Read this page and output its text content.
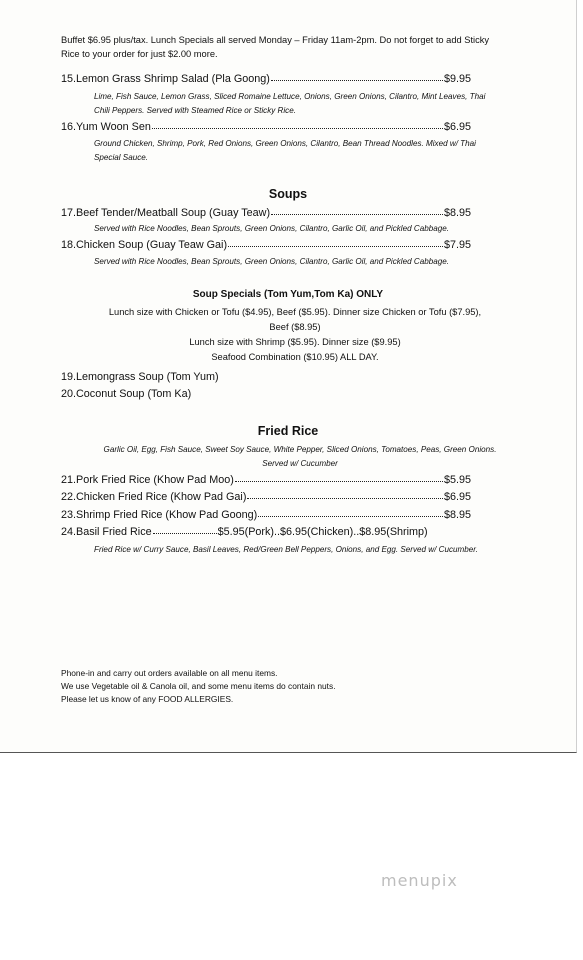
Buffet $6.95 plus/tax. Lunch Specials all served Monday – Friday 11am-2pm. Do not forget to add Sticky Rice to your order for just $2.00 more.
15.Lemon Grass Shrimp Salad (Pla Goong)	$9.95
Lime, Fish Sauce, Lemon Grass, Sliced Romaine Lettuce, Onions, Green Onions, Cilantro, Mint Leaves, Thai Chili Peppers. Served with Steamed Rice or Sticky Rice.
16.Yum Woon Sen	$6.95
Ground Chicken, Shrimp, Pork, Red Onions, Green Onions, Cilantro, Bean Thread Noodles. Mixed w/ Thai Special Sauce.
Soups
17.Beef Tender/Meatball Soup (Guay Teaw)	$8.95
Served with Rice Noodles, Bean Sprouts, Green Onions, Cilantro, Garlic Oil, and Pickled Cabbage.
18.Chicken Soup (Guay Teaw Gai)	$7.95
Served with Rice Noodles, Bean Sprouts, Green Onions, Cilantro, Garlic Oil, and Pickled Cabbage.
Soup Specials (Tom Yum,Tom Ka) ONLY
Lunch size with Chicken or Tofu ($4.95), Beef ($5.95). Dinner size Chicken or Tofu ($7.95),
Beef ($8.95)
Lunch size with Shrimp ($5.95). Dinner size ($9.95)
Seafood Combination ($10.95) ALL DAY.
19.Lemongrass Soup (Tom Yum)
20.Coconut Soup (Tom Ka)
Fried Rice
Garlic Oil, Egg, Fish Sauce, Sweet Soy Sauce, White Pepper, Sliced Onions, Tomatoes, Peas, Green Onions. Served w/ Cucumber
21.Pork Fried Rice (Khow Pad Moo)	$5.95
22.Chicken Fried Rice (Khow Pad Gai)	$6.95
23.Shrimp Fried Rice (Khow Pad Goong)	$8.95
24.Basil Fried Rice	$5.95(Pork)..$6.95(Chicken)..$8.95(Shrimp)
Fried Rice w/ Curry Sauce, Basil Leaves, Red/Green Bell Peppers, Onions, and Egg. Served w/ Cucumber.
Phone-in and carry out orders available on all menu items.
We use Vegetable oil & Canola oil, and some menu items do contain nuts.
Please let us know of any FOOD ALLERGIES.
menupix
